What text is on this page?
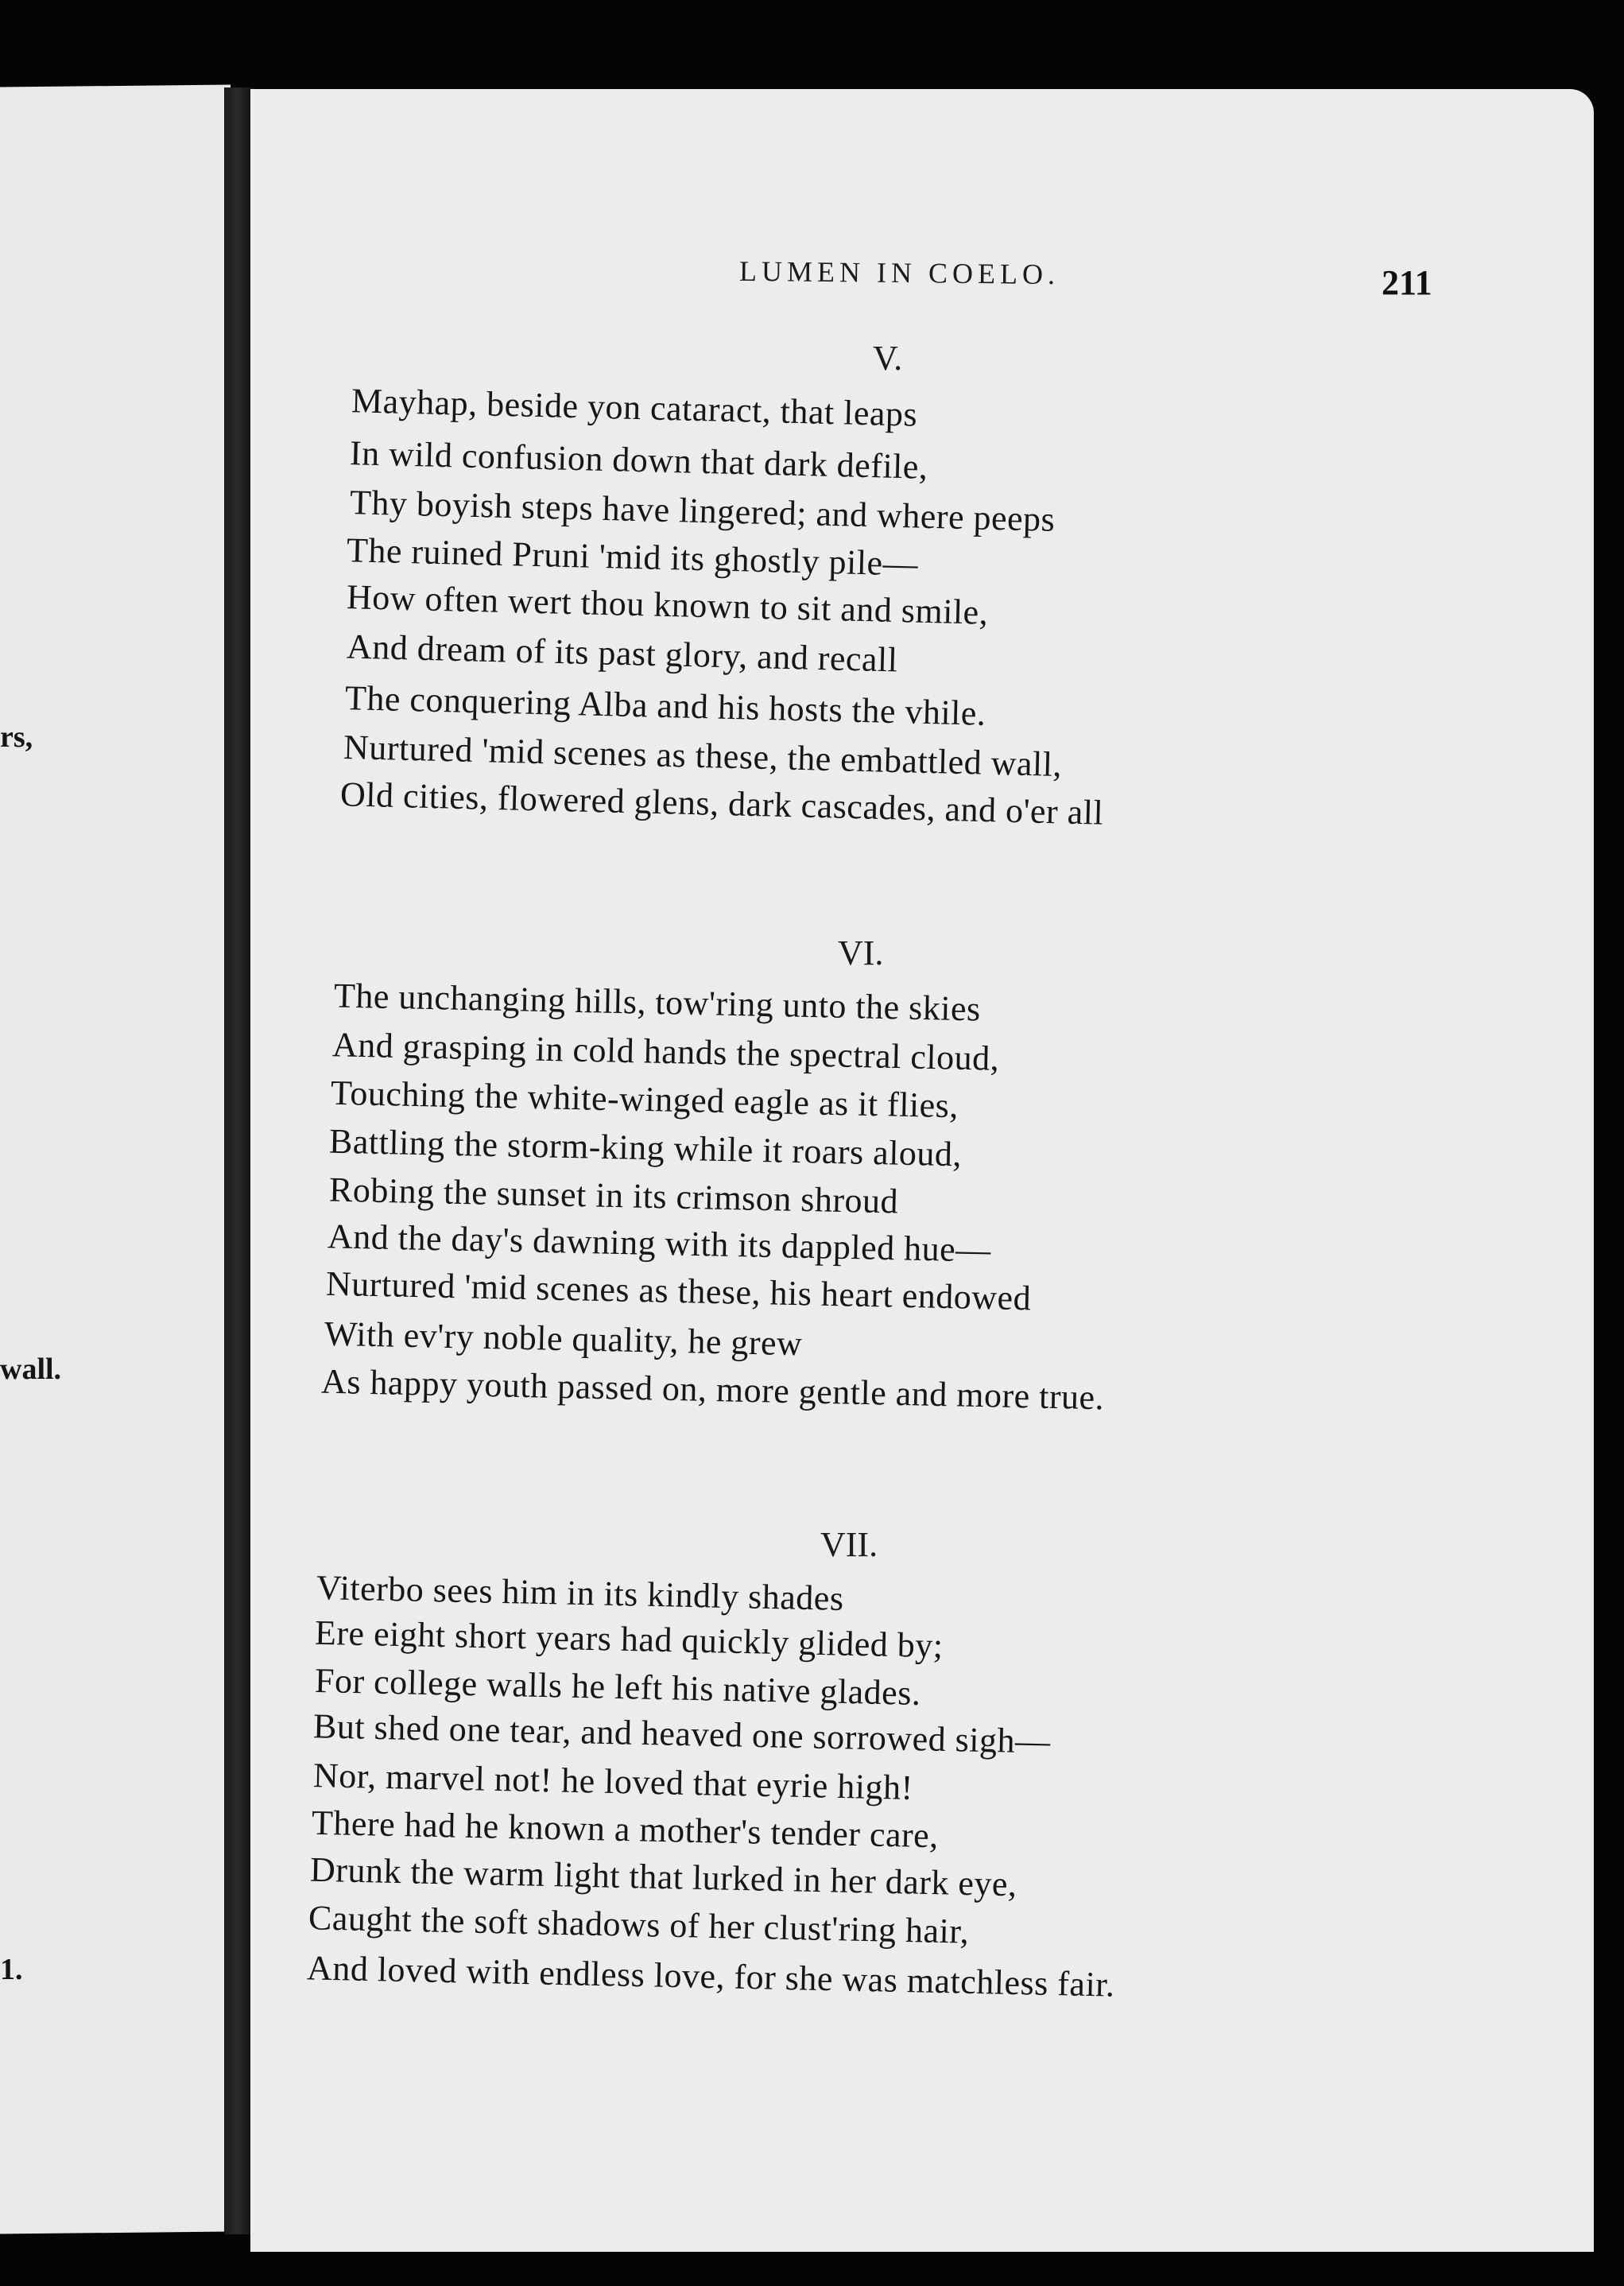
rs,
wall.
1.
LUMEN IN COELO.	211
V.
Mayhap, beside yon cataract, that leaps
In wild confusion down that dark defile,
Thy boyish steps have lingered; and where peeps
The ruined Pruni 'mid its ghostly pile—
How often wert thou known to sit and smile,
And dream of its past glory, and recall
The conquering Alba and his hosts the vhile.
Nurtured 'mid scenes as these, the embattled wall,
Old cities, flowered glens, dark cascades, and o'er all
VI.
The unchanging hills, tow'ring unto the skies
And grasping in cold hands the spectral cloud,
Touching the white-winged eagle as it flies,
Battling the storm-king while it roars aloud,
Robing the sunset in its crimson shroud
And the day's dawning with its dappled hue—
Nurtured 'mid scenes as these, his heart endowed
With ev'ry noble quality, he grew
As happy youth passed on, more gentle and more true.
VII.
Viterbo sees him in its kindly shades
Ere eight short years had quickly glided by;
For college walls he left his native glades.
But shed one tear, and heaved one sorrowed sigh—
Nor, marvel not! he loved that eyrie high!
There had he known a mother's tender care,
Drunk the warm light that lurked in her dark eye,
Caught the soft shadows of her clust'ring hair,
And loved with endless love, for she was matchless fair.
